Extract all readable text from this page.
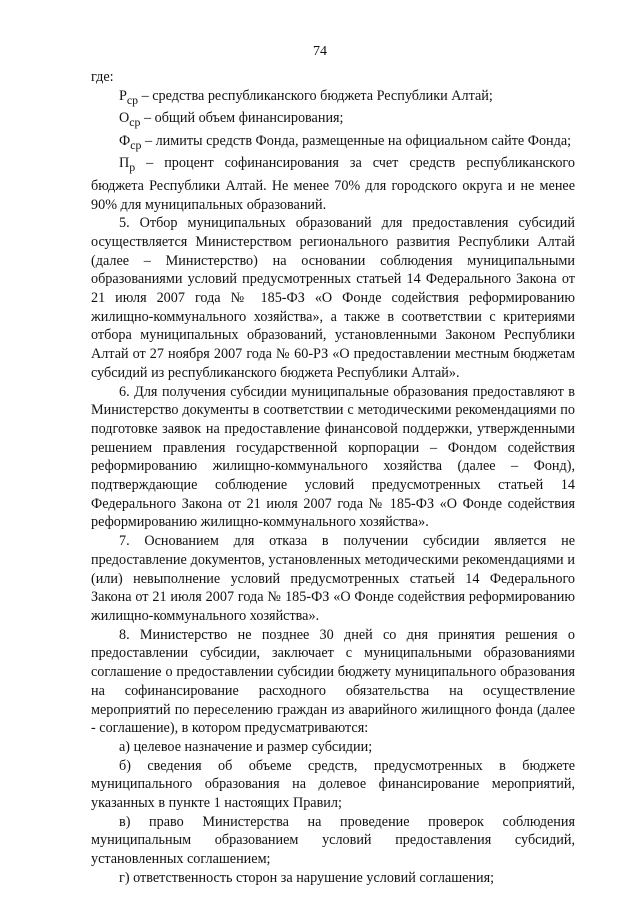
74

где:

$Р_{ср}$ – средства республиканского бюджета Республики Алтай;

$О_{ср}$ – общий объем финансирования;

$Ф_{ср}$ – лимиты средств Фонда, размещенные на официальном сайте Фонда;

$П_р$ – процент софинансирования за счет средств республиканского бюджета Республики Алтай. Не менее 70% для городского округа и не менее 90% для муниципальных образований.

5. Отбор муниципальных образований для предоставления субсидий осуществляется Министерством регионального развития Республики Алтай (далее – Министерство) на основании соблюдения муниципальными образованиями условий предусмотренных статьей 14 Федерального Закона от 21 июля 2007 года № 185-ФЗ «О Фонде содействия реформированию жилищно-коммунального хозяйства», а также в соответствии с критериями отбора муниципальных образований, установленными Законом Республики Алтай от 27 ноября 2007 года № 60-РЗ «О предоставлении местным бюджетам субсидий из республиканского бюджета Республики Алтай».

6. Для получения субсидии муниципальные образования предоставляют в Министерство документы в соответствии с методическими рекомендациями по подготовке заявок на предоставление финансовой поддержки, утвержденными решением правления государственной корпорации – Фондом содействия реформированию жилищно-коммунального хозяйства (далее – Фонд), подтверждающие соблюдение условий предусмотренных статьей 14 Федерального Закона от 21 июля 2007 года № 185-ФЗ «О Фонде содействия реформированию жилищно-коммунального хозяйства».

7. Основанием для отказа в получении субсидии является не предоставление документов, установленных методическими рекомендациями и (или) невыполнение условий предусмотренных статьей 14 Федерального Закона от 21 июля 2007 года № 185-ФЗ «О Фонде содействия реформированию жилищно-коммунального хозяйства».

8. Министерство не позднее 30 дней со дня принятия решения о предоставлении субсидии, заключает с муниципальными образованиями соглашение о предоставлении субсидии бюджету муниципального образования на софинансирование расходного обязательства на осуществление мероприятий по переселению граждан из аварийного жилищного фонда (далее - соглашение), в котором предусматриваются:

а) целевое назначение и размер субсидии;

б) сведения об объеме средств, предусмотренных в бюджете муниципального образования на долевое финансирование мероприятий, указанных в пункте 1 настоящих Правил;

в) право Министерства на проведение проверок соблюдения муниципальным образованием условий предоставления субсидий, установленных соглашением;

г) ответственность сторон за нарушение условий соглашения;
